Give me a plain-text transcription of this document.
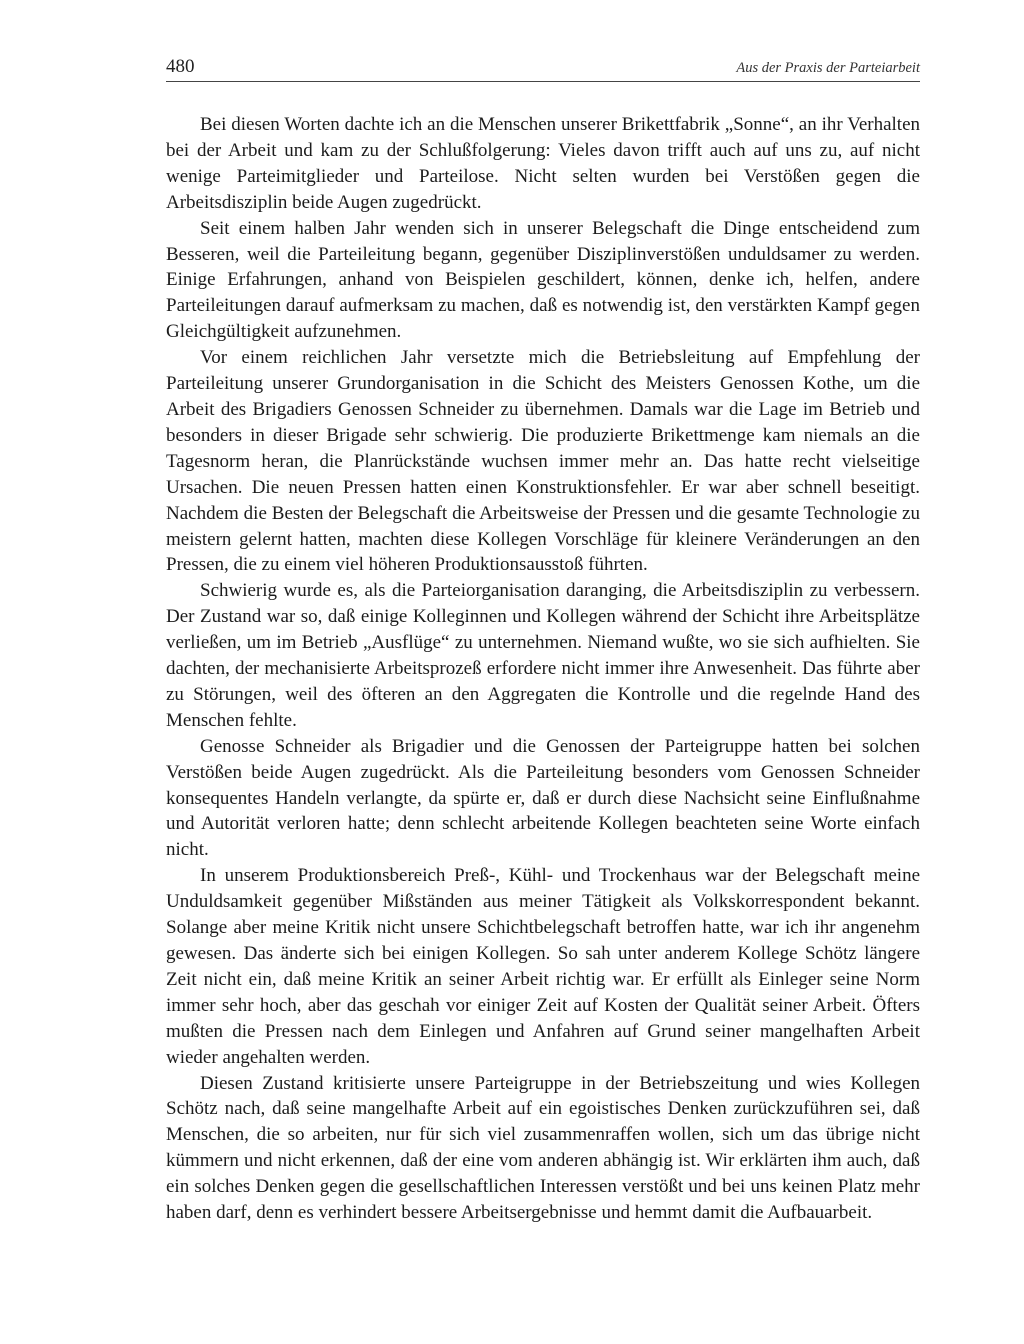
480	Aus der Praxis der Parteiarbeit

Bei diesen Worten dachte ich an die Menschen unserer Brikettfabrik „Sonne“, an ihr Verhalten bei der Arbeit und kam zu der Schlußfolgerung: Vieles davon trifft auch auf uns zu, auf nicht wenige Parteimitglieder und Parteilose. Nicht selten wurden bei Verstößen gegen die Arbeitsdisziplin beide Augen zugedrückt.

Seit einem halben Jahr wenden sich in unserer Belegschaft die Dinge entscheidend zum Besseren, weil die Parteileitung begann, gegenüber Disziplinverstößen unduldsamer zu werden. Einige Erfahrungen, anhand von Beispielen geschildert, können, denke ich, helfen, andere Parteileitungen darauf aufmerksam zu machen, daß es notwendig ist, den verstärkten Kampf gegen Gleichgültigkeit aufzunehmen.

Vor einem reichlichen Jahr versetzte mich die Betriebsleitung auf Empfehlung der Parteileitung unserer Grundorganisation in die Schicht des Meisters Genossen Kothe, um die Arbeit des Brigadiers Genossen Schneider zu übernehmen. Damals war die Lage im Betrieb und besonders in dieser Brigade sehr schwierig. Die produzierte Brikettmenge kam niemals an die Tagesnorm heran, die Planrückstände wuchsen immer mehr an. Das hatte recht vielseitige Ursachen. Die neuen Pressen hatten einen Konstruktionsfehler. Er war aber schnell beseitigt. Nachdem die Besten der Belegschaft die Arbeitsweise der Pressen und die gesamte Technologie zu meistern gelernt hatten, machten diese Kollegen Vorschläge für kleinere Veränderungen an den Pressen, die zu einem viel höheren Produktionsausstoß führten.

Schwierig wurde es, als die Parteiorganisation daranging, die Arbeitsdisziplin zu verbessern. Der Zustand war so, daß einige Kolleginnen und Kollegen während der Schicht ihre Arbeitsplätze verließen, um im Betrieb „Ausflüge“ zu unternehmen. Niemand wußte, wo sie sich aufhielten. Sie dachten, der mechanisierte Arbeitsprozeß erfordere nicht immer ihre Anwesenheit. Das führte aber zu Störungen, weil des öfteren an den Aggregaten die Kontrolle und die regelnde Hand des Menschen fehlte.

Genosse Schneider als Brigadier und die Genossen der Parteigruppe hatten bei solchen Verstößen beide Augen zugedrückt. Als die Parteileitung besonders vom Genossen Schneider konsequentes Handeln verlangte, da spürte er, daß er durch diese Nachsicht seine Einflußnahme und Autorität verloren hatte; denn schlecht arbeitende Kollegen beachteten seine Worte einfach nicht.

In unserem Produktionsbereich Preß-, Kühl- und Trockenhaus war der Belegschaft meine Unduldsamkeit gegenüber Mißständen aus meiner Tätigkeit als Volkskorrespondent bekannt. Solange aber meine Kritik nicht unsere Schichtbelegschaft betroffen hatte, war ich ihr angenehm gewesen. Das änderte sich bei einigen Kollegen. So sah unter anderem Kollege Schötz längere Zeit nicht ein, daß meine Kritik an seiner Arbeit richtig war. Er erfüllt als Einleger seine Norm immer sehr hoch, aber das geschah vor einiger Zeit auf Kosten der Qualität seiner Arbeit. Öfters mußten die Pressen nach dem Einlegen und Anfahren auf Grund seiner mangelhaften Arbeit wieder angehalten werden.

Diesen Zustand kritisierte unsere Parteigruppe in der Betriebszeitung und wies Kollegen Schötz nach, daß seine mangelhafte Arbeit auf ein egoistisches Denken zurückzuführen sei, daß Menschen, die so arbeiten, nur für sich viel zusammenraffen wollen, sich um das übrige nicht kümmern und nicht erkennen, daß der eine vom anderen abhängig ist. Wir erklärten ihm auch, daß ein solches Denken gegen die gesellschaftlichen Interessen verstößt und bei uns keinen Platz mehr haben darf, denn es verhindert bessere Arbeitsergebnisse und hemmt damit die Aufbauarbeit.
